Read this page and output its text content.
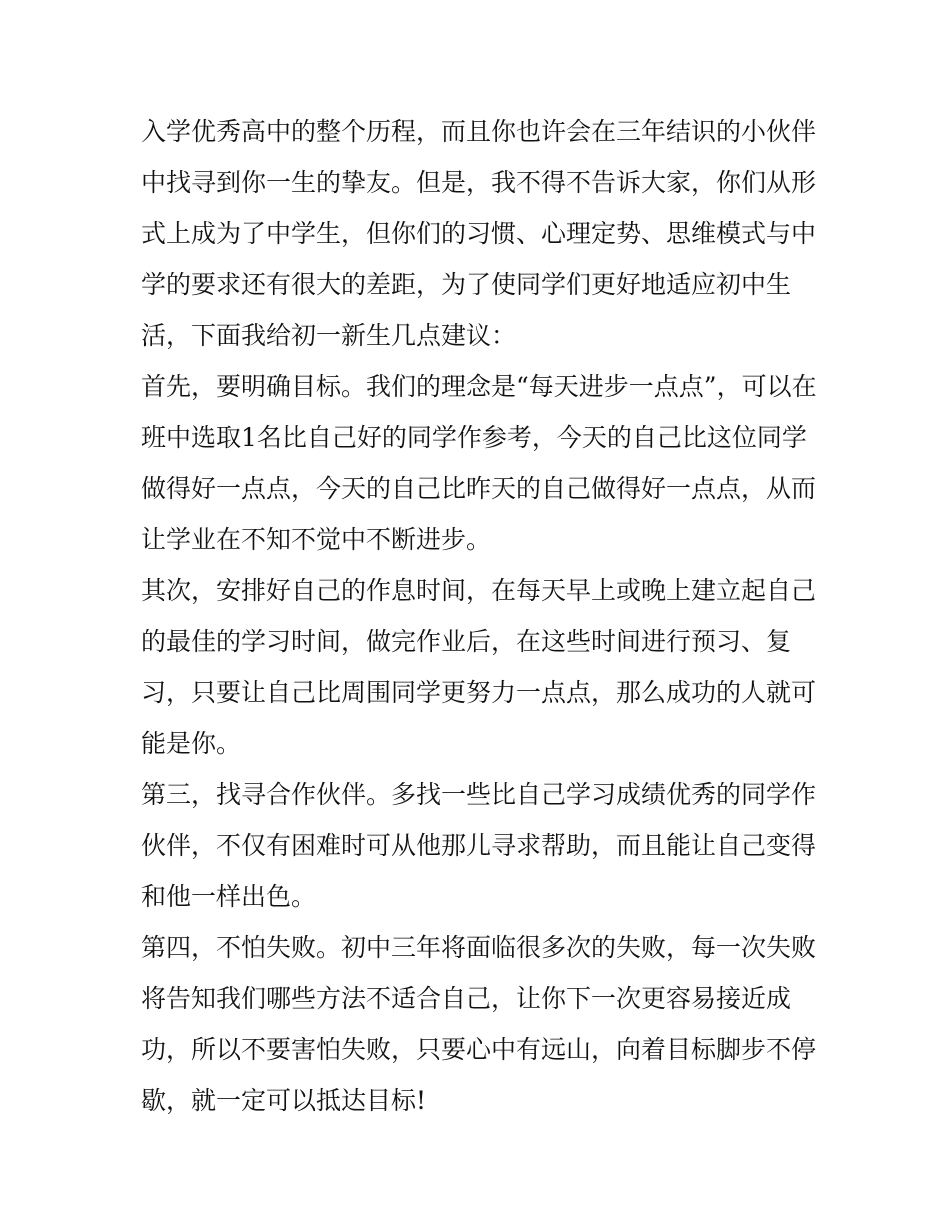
入学优秀高中的整个历程，而且你也许会在三年结识的小伙伴
中找寻到你一生的挚友。但是，我不得不告诉大家，你们从形
式上成为了中学生，但你们的习惯、心理定势、思维模式与中
学的要求还有很大的差距，为了使同学们更好地适应初中生
活，下面我给初一新生几点建议：
首先，要明确目标。我们的理念是“每天进步一点点”，可以在
班中选取1名比自己好的同学作参考，今天的自己比这位同学
做得好一点点，今天的自己比昨天的自己做得好一点点，从而
让学业在不知不觉中不断进步。
其次，安排好自己的作息时间，在每天早上或晚上建立起自己
的最佳的学习时间，做完作业后，在这些时间进行预习、复
习，只要让自己比周围同学更努力一点点，那么成功的人就可
能是你。
第三，找寻合作伙伴。多找一些比自己学习成绩优秀的同学作
伙伴，不仅有困难时可从他那儿寻求帮助，而且能让自己变得
和他一样出色。
第四，不怕失败。初中三年将面临很多次的失败，每一次失败
将告知我们哪些方法不适合自己，让你下一次更容易接近成
功，所以不要害怕失败，只要心中有远山，向着目标脚步不停
歇，就一定可以抵达目标!
